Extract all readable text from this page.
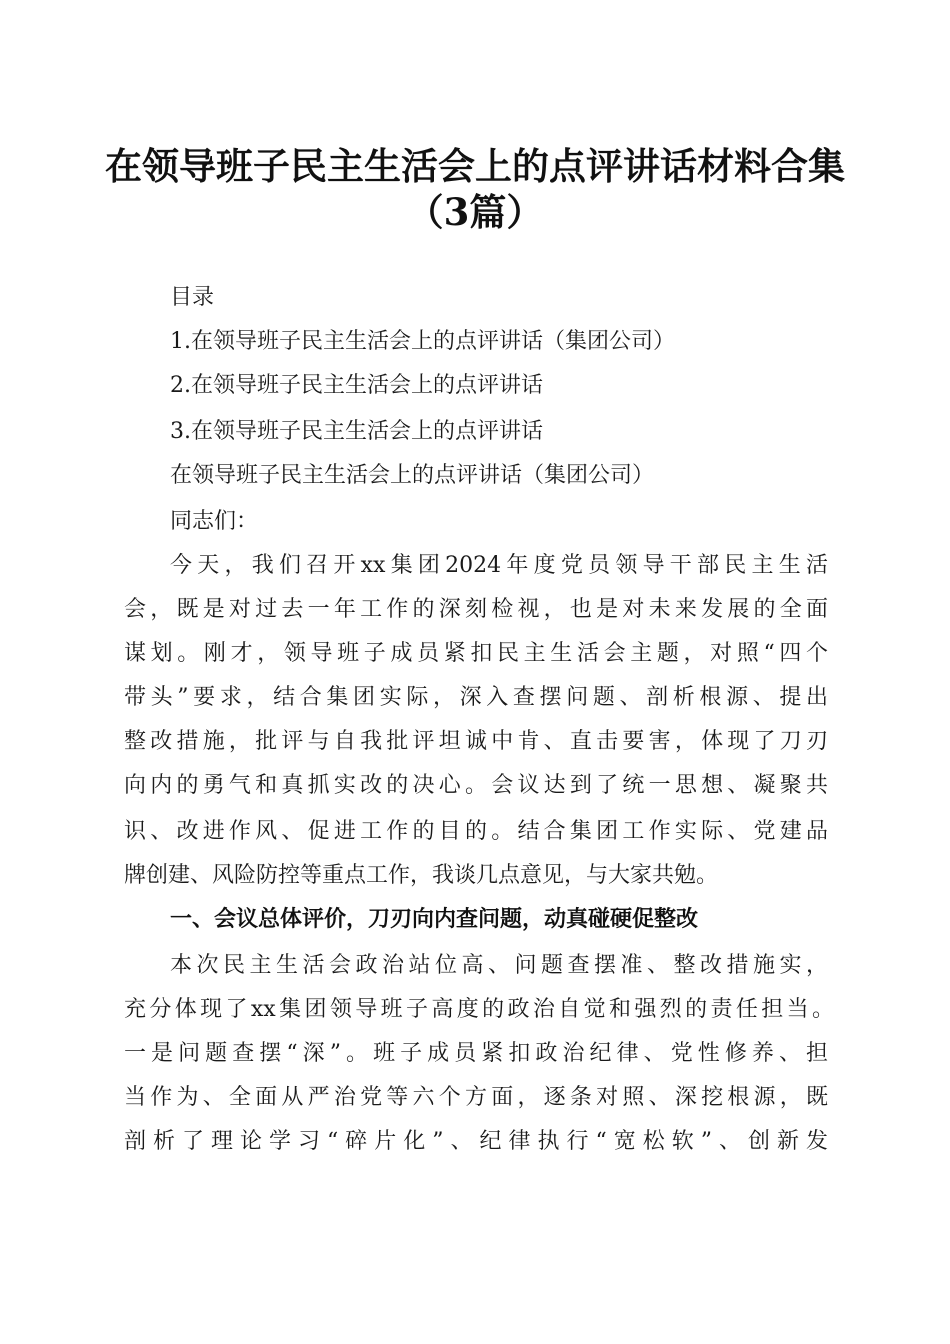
在领导班子民主生活会上的点评讲话材料合集
（3篇）
目录
1.在领导班子民主生活会上的点评讲话（集团公司）
2.在领导班子民主生活会上的点评讲话
3.在领导班子民主生活会上的点评讲话
在领导班子民主生活会上的点评讲话（集团公司）
同志们：
今天，我们召开xx集团2024年度党员领导干部民主生活
会，既是对过去一年工作的深刻检视，也是对未来发展的全面
谋划。刚才，领导班子成员紧扣民主生活会主题，对照“四个
带头”要求，结合集团实际，深入查摆问题、剖析根源、提出
整改措施，批评与自我批评坦诚中肯、直击要害，体现了刀刃
向内的勇气和真抓实改的决心。会议达到了统一思想、凝聚共
识、改进作风、促进工作的目的。结合集团工作实际、党建品
牌创建、风险防控等重点工作，我谈几点意见，与大家共勉。
一、会议总体评价，刀刃向内查问题，动真碰硬促整改
本次民主生活会政治站位高、问题查摆准、整改措施实，
充分体现了xx集团领导班子高度的政治自觉和强烈的责任担当。
一是问题查摆“深”。班子成员紧扣政治纪律、党性修养、担
当作为、全面从严治党等六个方面，逐条对照、深挖根源，既
剖析了理论学习“碎片化”、纪律执行“宽松软”、创新发
